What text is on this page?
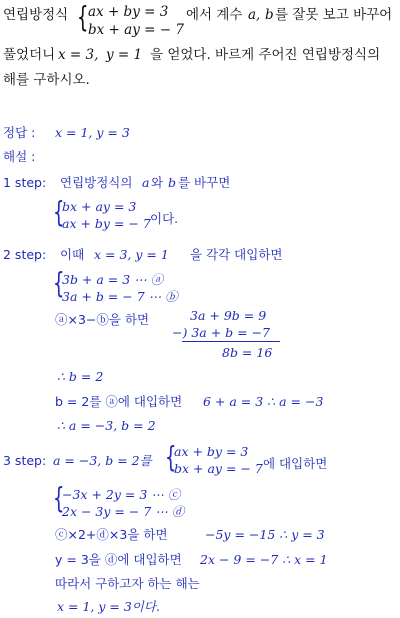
연립방정식 { ax + by = 3
bx + ay = − 7
에서 계수 a, b 를 잘못 보고 바꾸어
풀었더니 x = 3, y = 1 을 얻었다. 바르게 주어진 연립방정식의
해를 구하시오.
정답 : x = 1, y = 3
해설 :
1 step: 연립방정식의 a 와 b 를 바꾸면
{
bx + ay = 3
ax + by = − 7 이다.
2 step: 이때 x = 3, y = 1 을 각각 대입하면
{
3b + a = 3 ⋯ ⓐ
3a + b = − 7 ⋯ ⓑ
ⓐ×3−ⓑ을 하면	3a + 9b = 9
−) 3a + b = −7
8b = 16
∴ b = 2
b = 2를 ⓐ에 대입하면 6 + a = 3 ∴ a = −3
∴ a = −3, b = 2
3 step: a = −3, b = 2를 {
ax + by = 3
bx + ay = − 7 에 대입하면
{
−3x + 2y = 3 ⋯ ⓒ
2x − 3y = − 7 ⋯ ⓓ
ⓒ×2+ⓓ×3을 하면	−5y = −15 ∴ y = 3
y = 3을 ⓓ에 대입하면 2x − 9 = −7 ∴ x = 1
따라서 구하고자 하는 해는
x = 1, y = 3이다.
